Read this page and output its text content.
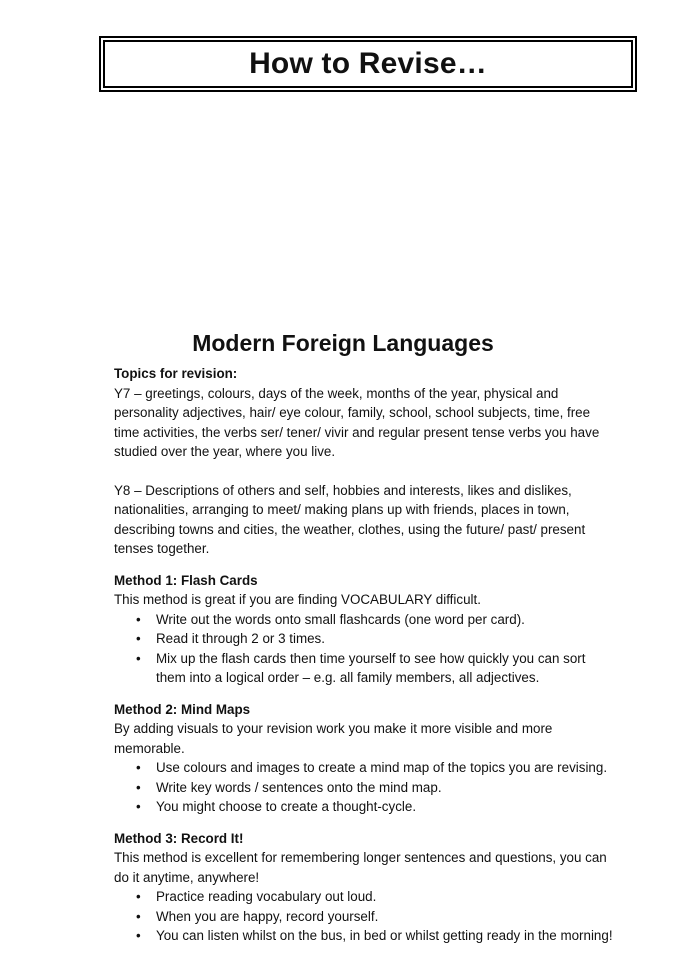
How to Revise…
Modern Foreign Languages

Topics for revision:

Y7 – greetings, colours, days of the week, months of the year, physical and personality adjectives, hair/ eye colour, family, school, school subjects, time, free time activities, the verbs ser/ tener/ vivir and regular present tense verbs you have studied over the year, where you live.

Y8 – Descriptions of others and self, hobbies and interests, likes and dislikes, nationalities, arranging to meet/ making plans up with friends, places in town, describing towns and cities, the weather, clothes, using the future/ past/ present tenses together.

Method 1: Flash Cards

This method is great if you are finding VOCABULARY difficult.

• Write out the words onto small flashcards (one word per card).
• Read it through 2 or 3 times.
• Mix up the flash cards then time yourself to see how quickly you can sort them into a logical order – e.g. all family members, all adjectives.

Method 2: Mind Maps

By adding visuals to your revision work you make it more visible and more memorable.

• Use colours and images to create a mind map of the topics you are revising.
• Write key words / sentences onto the mind map.
• You might choose to create a thought-cycle.

Method 3: Record It!

This method is excellent for remembering longer sentences and questions, you can do it anytime, anywhere!

• Practice reading vocabulary out loud.
• When you are happy, record yourself.
• You can listen whilst on the bus, in bed or whilst getting ready in the morning!
